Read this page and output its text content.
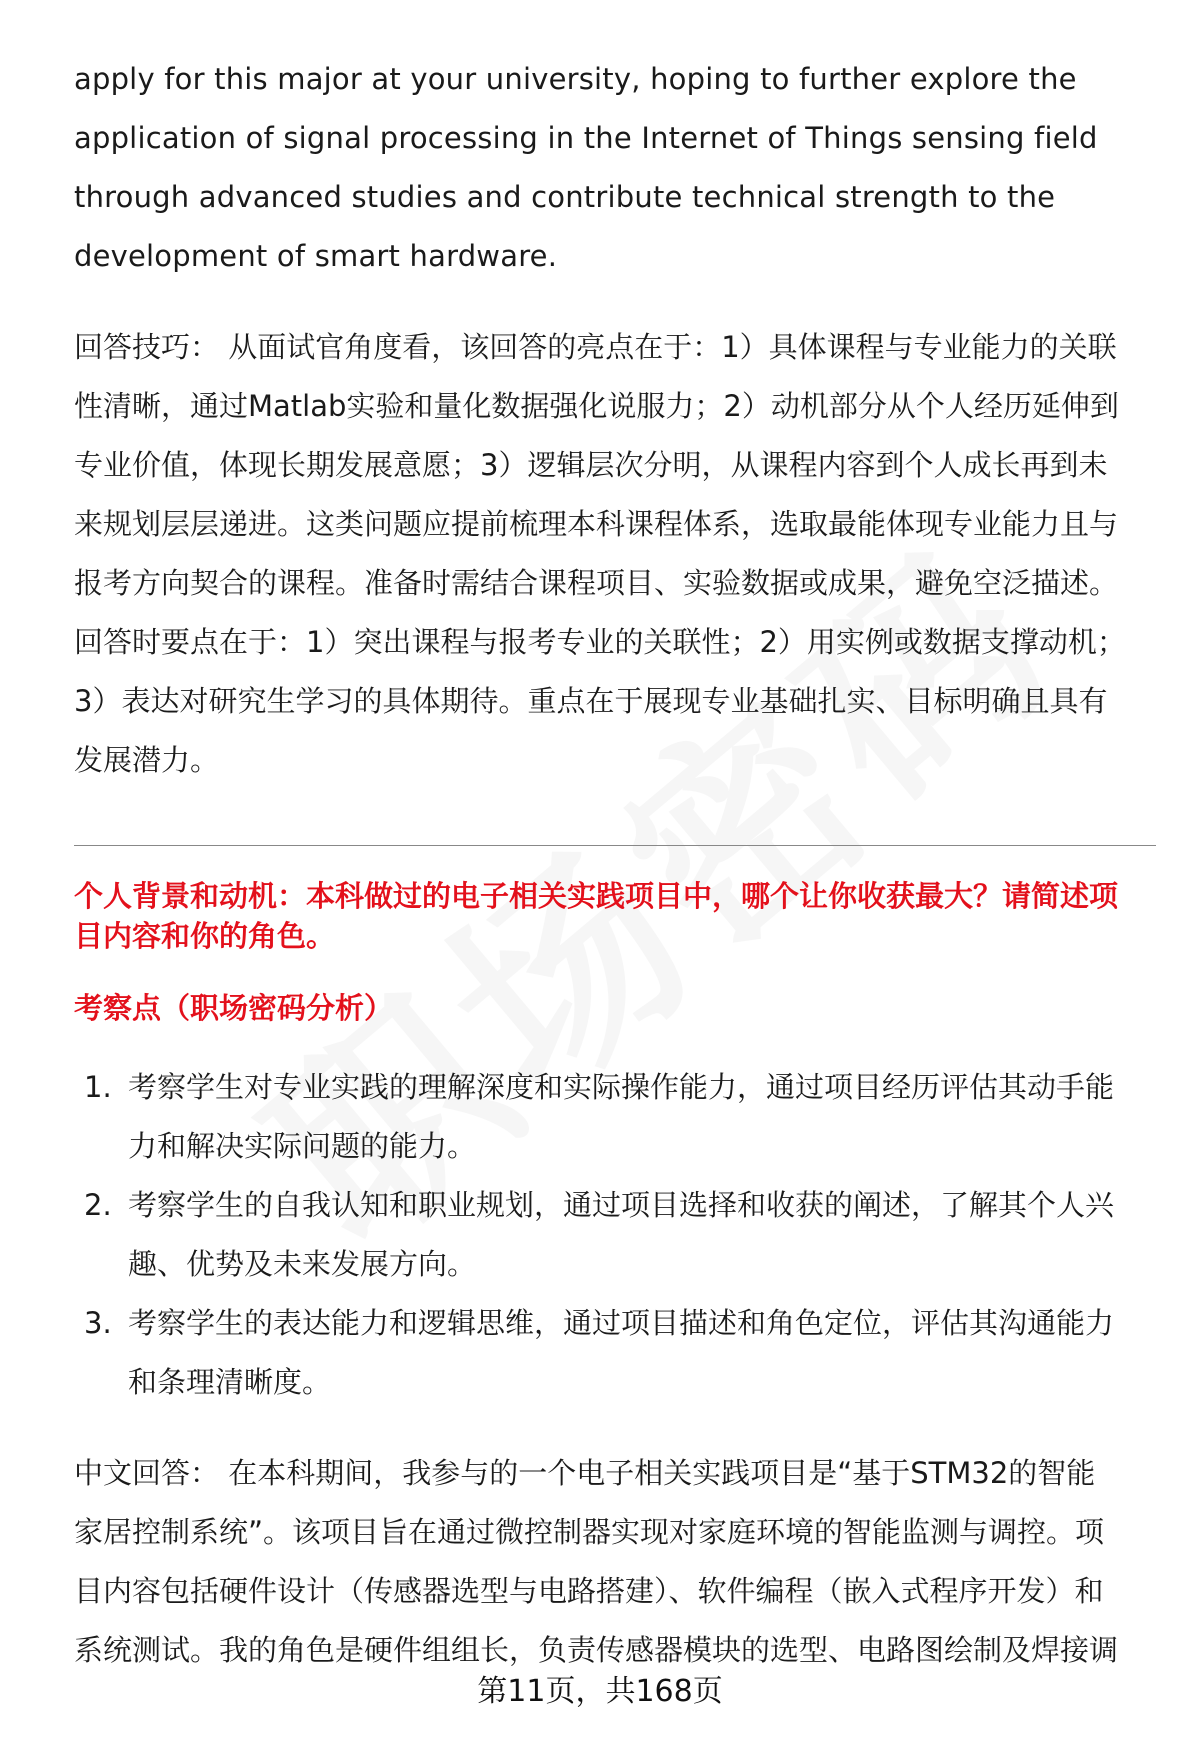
apply for this major at your university, hoping to further explore the

application of signal processing in the Internet of Things sensing field

through advanced studies and contribute technical strength to the

development of smart hardware.

回答技巧： 从面试官角度看，该回答的亮点在于：1）具体课程与专业能力的关联

性清晰，通过Matlab实验和量化数据强化说服力；2）动机部分从个人经历延伸到

专业价值，体现长期发展意愿；3）逻辑层次分明，从课程内容到个人成长再到未

来规划层层递进。这类问题应提前梳理本科课程体系，选取最能体现专业能力且与

报考方向契合的课程。准备时需结合课程项目、实验数据或成果，避免空泛描述。

回答时要点在于：1）突出课程与报考专业的关联性；2）用实例或数据支撑动机；

3）表达对研究生学习的具体期待。重点在于展现专业基础扎实、目标明确且具有

发展潜力。

个人背景和动机：本科做过的电子相关实践项目中，哪个让你收获最大？请简述项

目内容和你的角色。

考察点（职场密码分析）

1. 考察学生对专业实践的理解深度和实际操作能力，通过项目经历评估其动手能
力和解决实际问题的能力。
2. 考察学生的自我认知和职业规划，通过项目选择和收获的阐述，了解其个人兴
趣、优势及未来发展方向。
3. 考察学生的表达能力和逻辑思维，通过项目描述和角色定位，评估其沟通能力
和条理清晰度。

中文回答： 在本科期间，我参与的一个电子相关实践项目是“基于STM32的智能

家居控制系统”。该项目旨在通过微控制器实现对家庭环境的智能监测与调控。项

目内容包括硬件设计（传感器选型与电路搭建）、软件编程（嵌入式程序开发）和

系统测试。我的角色是硬件组组长，负责传感器模块的选型、电路图绘制及焊接调

第11页，共168页
